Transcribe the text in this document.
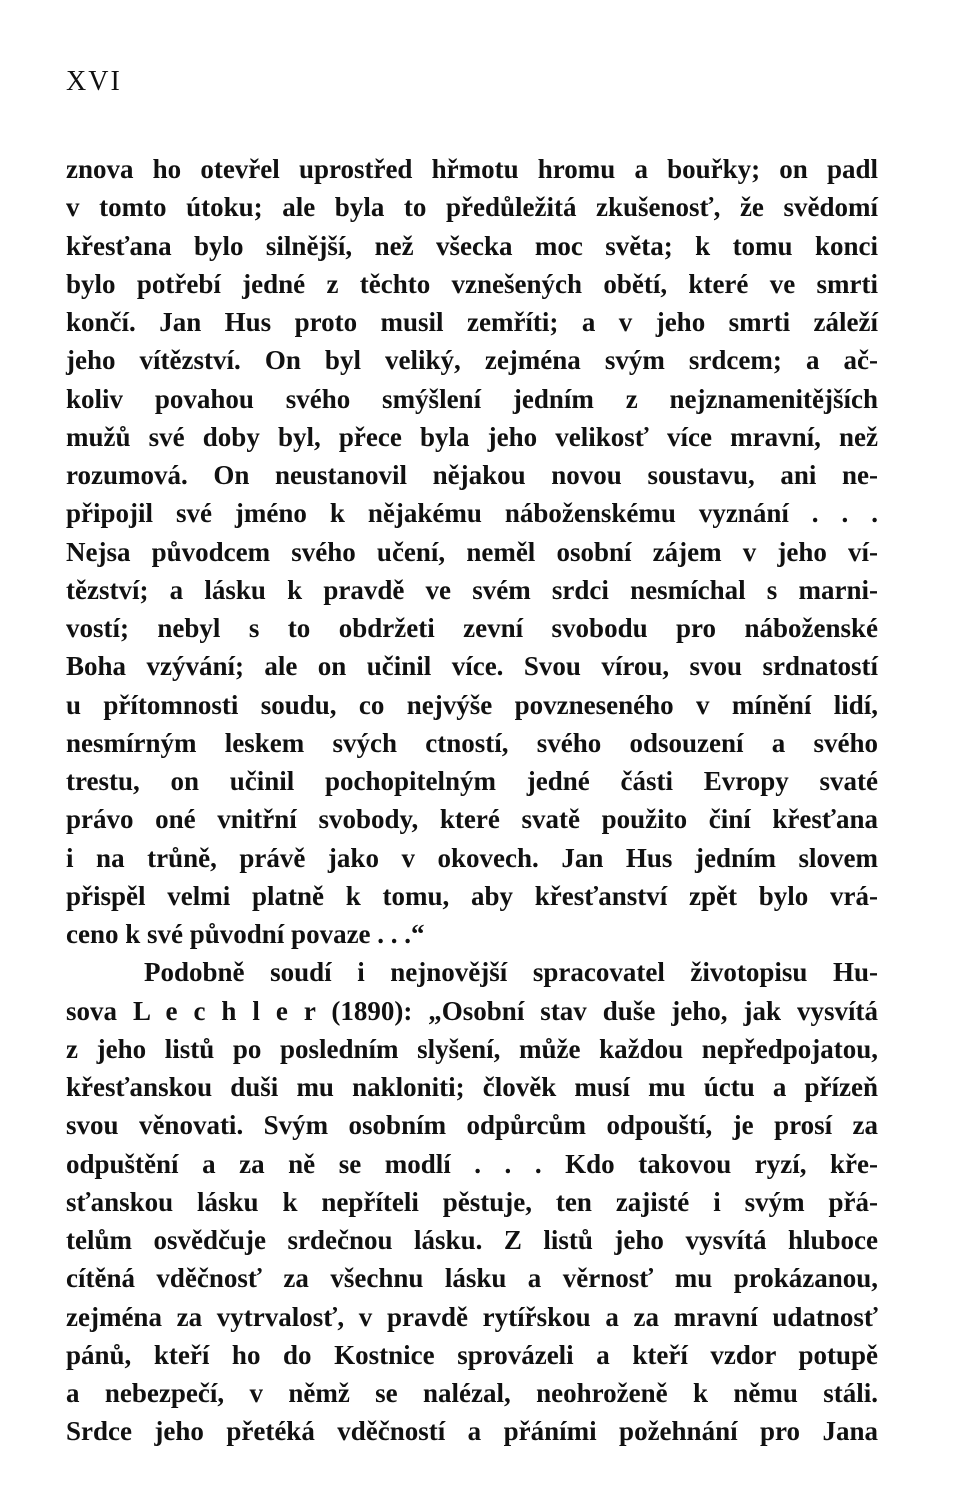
XVI
znova ho otevřel uprostřed hřmotu hromu a bouřky; on padl
v tomto útoku; ale byla to předůležitá zkušenosť, že svědomí
křesťana bylo silnější, než všecka moc světa; k tomu konci
bylo potřebí jedné z těchto vznešených obětí, které ve smrti
končí. Jan Hus proto musil zemříti; a v jeho smrti záleží
jeho vítězství. On byl veliký, zejména svým srdcem; a ač-
koliv povahou svého smýšlení jedním z nejznamenitějších
mužů své doby byl, přece byla jeho velikosť více mravní, než
rozumová. On neustanovil nějakou novou soustavu, ani ne-
připojil své jméno k nějakému náboženskému vyznání . . .
Nejsa původcem svého učení, neměl osobní zájem v jeho ví-
tězství; a lásku k pravdě ve svém srdci nesmíchal s marni-
vostí; nebyl s to obdržeti zevní svobodu pro náboženské
Boha vzývání; ale on učinil více. Svou vírou, svou srdnatostí
u přítomnosti soudu, co nejvýše povzneseného v mínění lidí,
nesmírným leskem svých ctností, svého odsouzení a svého
trestu, on učinil pochopitelným jedné části Evropy svaté
právo oné vnitřní svobody, které svatě použito činí křesťana
i na trůně, právě jako v okovech. Jan Hus jedním slovem
přispěl velmi platně k tomu, aby křesťanství zpět bylo vrá-
ceno k své původní povaze . . .“
Podobně soudí i nejnovější spracovatel životopisu Hu-
sova L e c h l e r (1890): „Osobní stav duše jeho, jak vysvítá
z jeho listů po posledním slyšení, může každou nepředpojatou,
křesťanskou duši mu nakloniti; člověk musí mu úctu a přízeň
svou věnovati. Svým osobním odpůrcům odpouští, je prosí za
odpuštění a za ně se modlí . . . Kdo takovou ryzí, kře-
sťanskou lásku k nepříteli pěstuje, ten zajisté i svým přá-
telům osvědčuje srdečnou lásku. Z listů jeho vysvítá hluboce
cítěná vděčnosť za všechnu lásku a věrnosť mu prokázanou,
zejména za vytrvalosť, v pravdě rytířskou a za mravní udatnosť
pánů, kteří ho do Kostnice sprovázeli a kteří vzdor potupě
a nebezpečí, v němž se nalézal, neohroženě k němu stáli.
Srdce jeho přetéká vděčností a přáními požehnání pro Jana
